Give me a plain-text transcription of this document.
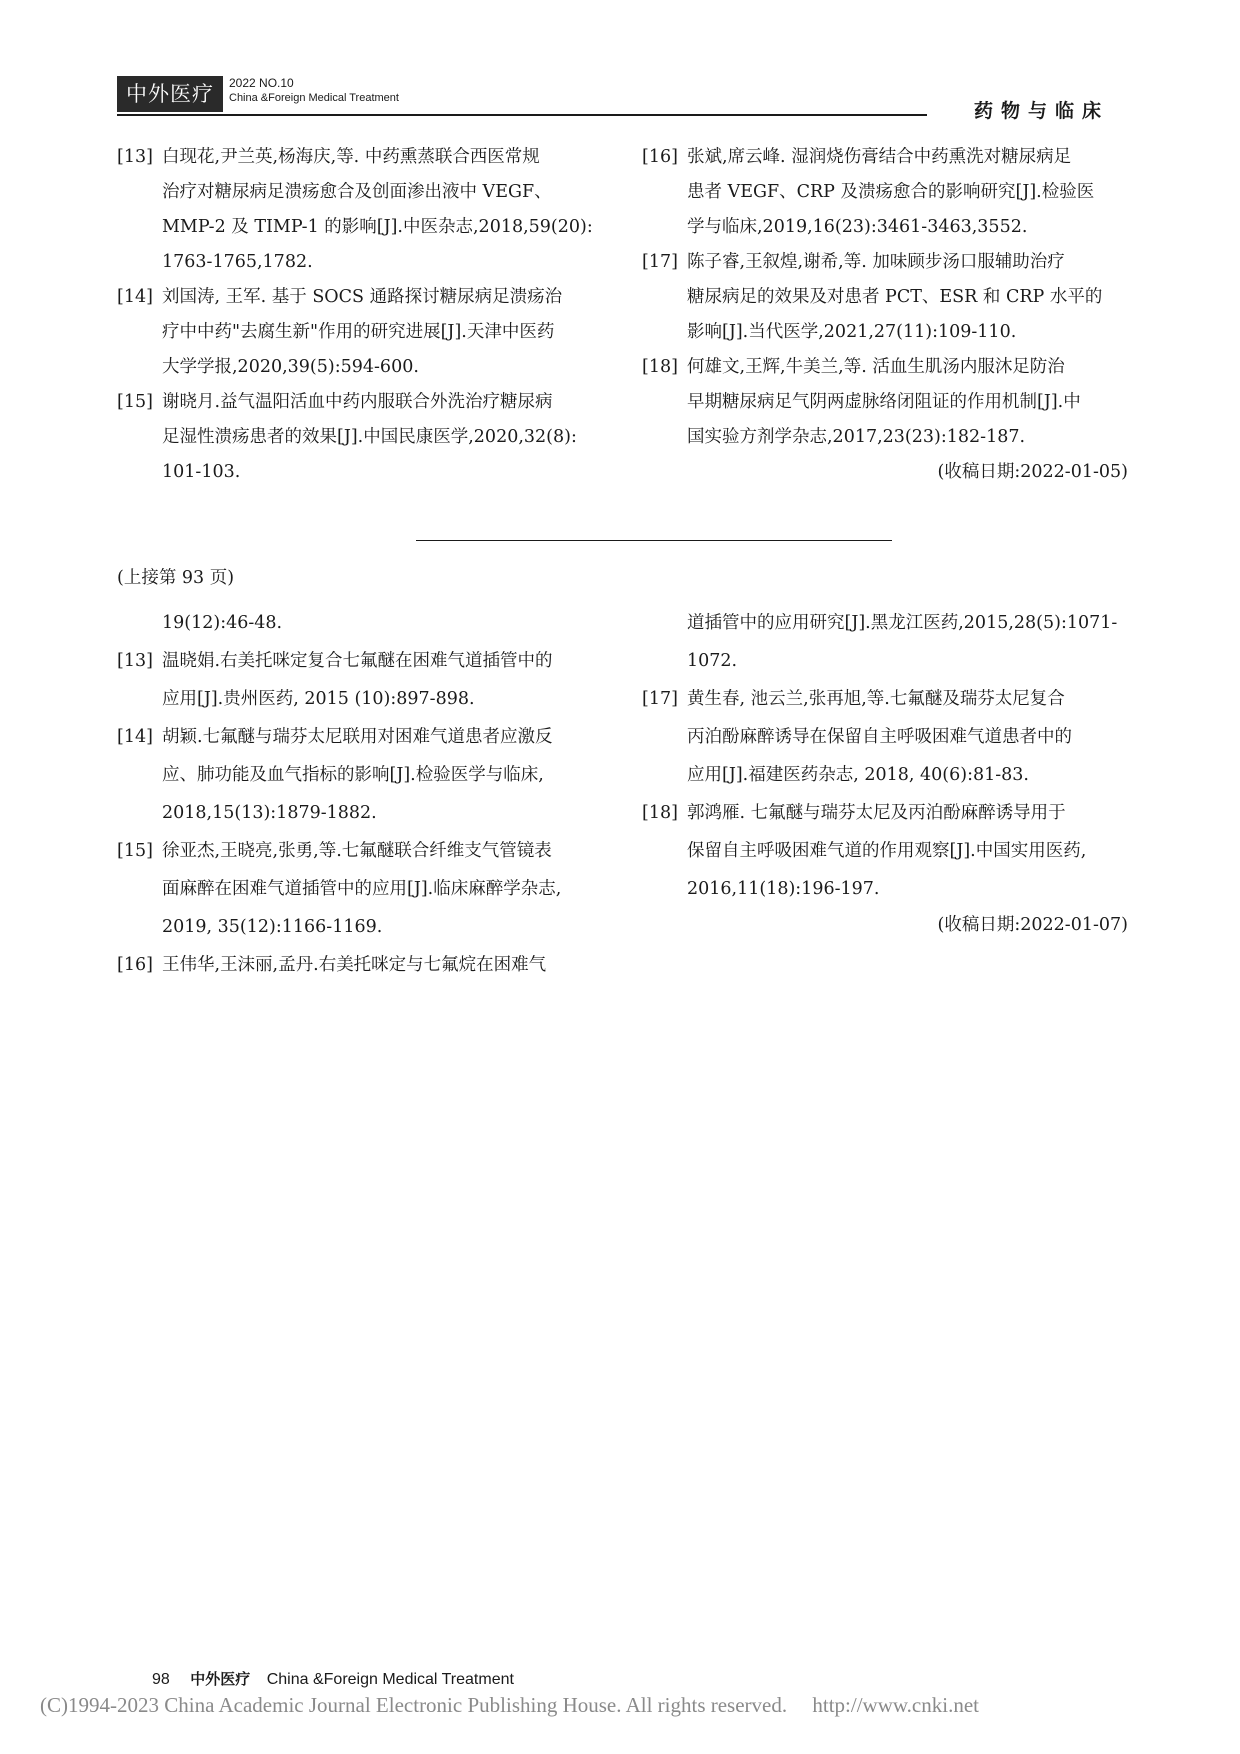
中外医疗	2022 NO.10
China &Foreign Medical Treatment
药物与临床
[13] 白现花,尹兰英,杨海庆,等. 中药熏蒸联合西医常规
治疗对糖尿病足溃疡愈合及创面渗出液中 VEGF、
MMP-2 及 TIMP-1 的影响[J].中医杂志,2018,59(20):
1763-1765,1782.
[14] 刘国涛, 王军. 基于 SOCS 通路探讨糖尿病足溃疡治
疗中中药"去腐生新"作用的研究进展[J].天津中医药
大学学报,2020,39(5):594-600.
[15] 谢晓月.益气温阳活血中药内服联合外洗治疗糖尿病
足湿性溃疡患者的效果[J].中国民康医学,2020,32(8):
101-103.
[16] 张斌,席云峰. 湿润烧伤膏结合中药熏洗对糖尿病足
患者 VEGF、CRP 及溃疡愈合的影响研究[J].检验医
学与临床,2019,16(23):3461-3463,3552.
[17] 陈子睿,王叙煌,谢希,等. 加味顾步汤口服辅助治疗
糖尿病足的效果及对患者 PCT、ESR 和 CRP 水平的
影响[J].当代医学,2021,27(11):109-110.
[18] 何雄文,王辉,牛美兰,等. 活血生肌汤内服沐足防治
早期糖尿病足气阴两虚脉络闭阻证的作用机制[J].中
国实验方剂学杂志,2017,23(23):182-187.
(收稿日期:2022-01-05)
(上接第 93 页)
19(12):46-48.
[13] 温晓娟.右美托咪定复合七氟醚在困难气道插管中的
应用[J].贵州医药, 2015 (10):897-898.
[14] 胡颖.七氟醚与瑞芬太尼联用对困难气道患者应激反
应、肺功能及血气指标的影响[J].检验医学与临床,
2018,15(13):1879-1882.
[15] 徐亚杰,王晓亮,张勇,等.七氟醚联合纤维支气管镜表
面麻醉在困难气道插管中的应用[J].临床麻醉学杂志,
2019, 35(12):1166-1169.
[16] 王伟华,王沫丽,孟丹.右美托咪定与七氟烷在困难气
道插管中的应用研究[J].黑龙江医药,2015,28(5):1071-
1072.
[17] 黄生春, 池云兰,张再旭,等.七氟醚及瑞芬太尼复合
丙泊酚麻醉诱导在保留自主呼吸困难气道患者中的
应用[J].福建医药杂志, 2018, 40(6):81-83.
[18] 郭鸿雁. 七氟醚与瑞芬太尼及丙泊酚麻醉诱导用于
保留自主呼吸困难气道的作用观察[J].中国实用医药,
2016,11(18):196-197.
(收稿日期:2022-01-07)
98 中外医疗 China &Foreign Medical Treatment
(C)1994-2023 China Academic Journal Electronic Publishing House. All rights reserved. http://www.cnki.net
